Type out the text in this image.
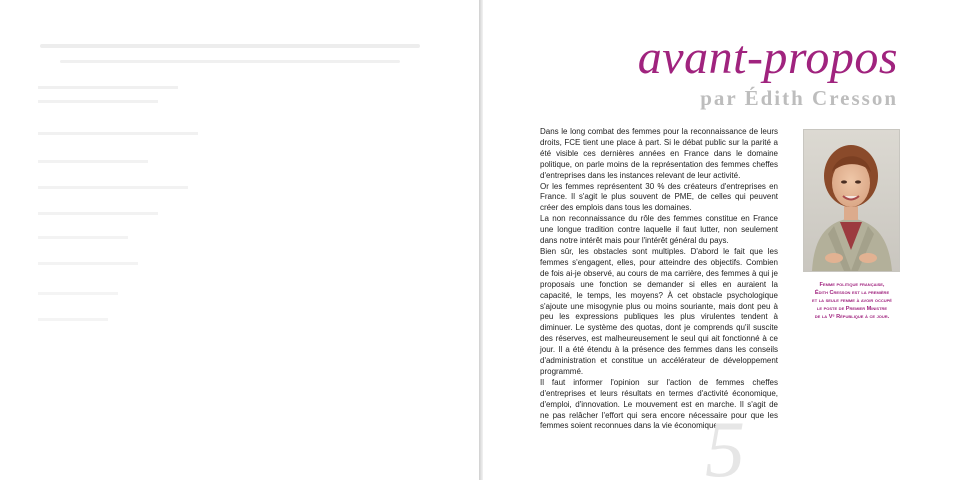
avant-propos
par Édith Cresson

Dans le long combat des femmes pour la reconnaissance de leurs droits, FCE tient une place à part. Si le débat public sur la parité a été visible ces dernières années en France dans le domaine politique, on parle moins de la représentation des femmes cheffes d'entreprises dans les instances relevant de leur activité.

Or les femmes représentent 30 % des créateurs d'entreprises en France. Il s'agit le plus souvent de PME, de celles qui peuvent créer des emplois dans tous les domaines.

La non reconnaissance du rôle des femmes constitue en France une longue tradition contre laquelle il faut lutter, non seulement dans notre intérêt mais pour l'intérêt général du pays.

Bien sûr, les obstacles sont multiples. D'abord le fait que les femmes s'engagent, elles, pour atteindre des objectifs. Combien de fois ai-je observé, au cours de ma carrière, des femmes à qui je proposais une fonction se demander si elles en auraient la capacité, le temps, les moyens? À cet obstacle psychologique s'ajoute une misogynie plus ou moins souriante, mais dont peu à peu les expressions publiques les plus virulentes tendent à diminuer. Le système des quotas, dont je comprends qu'il suscite des réserves, est malheureusement le seul qui ait fonctionné à ce jour. Il a été étendu à la présence des femmes dans les conseils d'administration et constitue un accélérateur de développement programmé.

Il faut informer l'opinion sur l'action de femmes cheffes d'entreprises et leurs résultats en termes d'activité économique, d'emploi, d'innovation. Le mouvement est en marche. Il s'agit de ne pas relâcher l'effort qui sera encore nécessaire pour que les femmes soient reconnues dans la vie économique.

Femme politique française,

Édith Cresson est la première

et la seule femme à avoir occupé

le poste de Premier Ministre

de la Vᵉ République à ce jour.

5
